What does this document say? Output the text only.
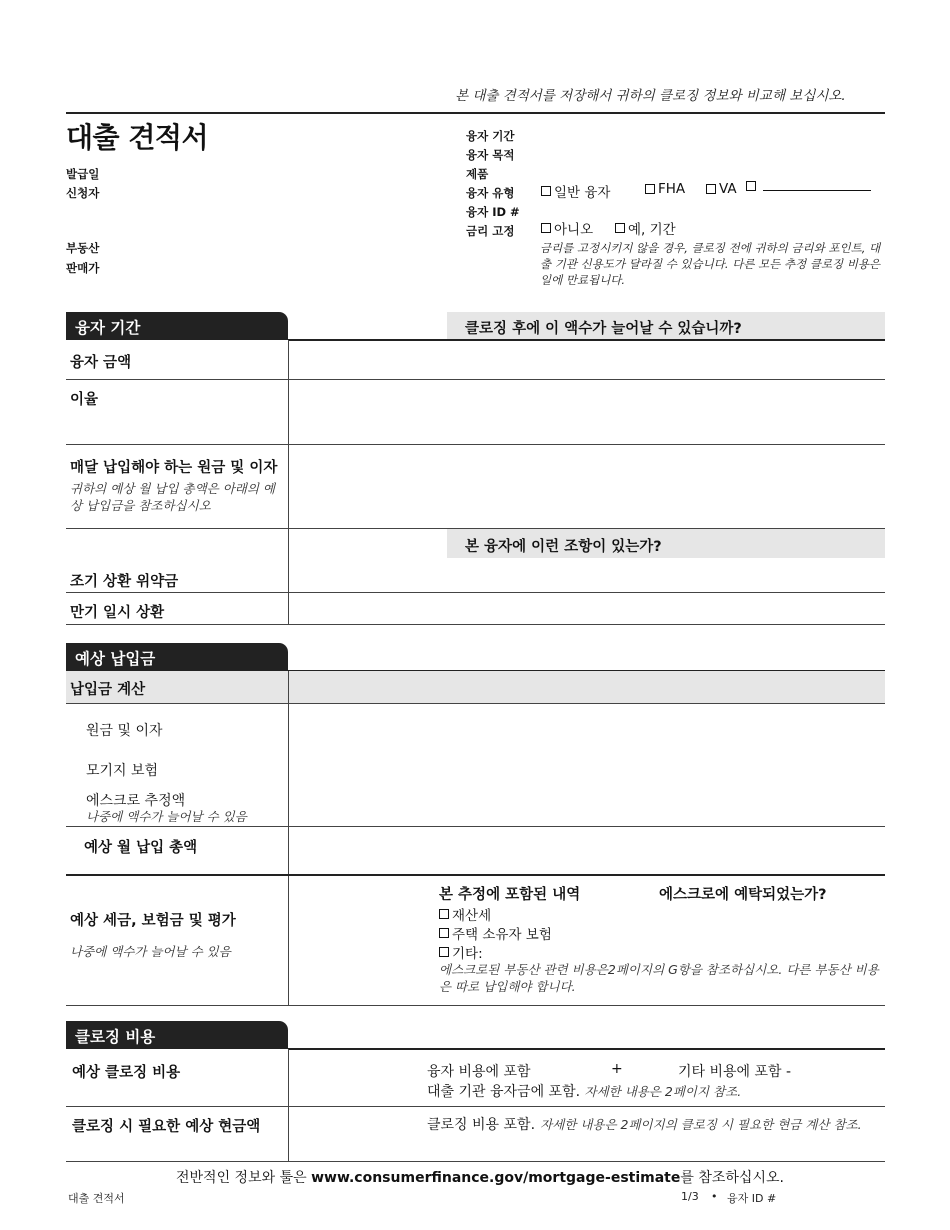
본 대출 견적서를 저장해서 귀하의 클로징 정보와 비교해 보십시오.
대출 견적서
발급일
신청자
부동산
판매가
융자 기간
융자 목적
제품
융자 유형
융자 ID #
금리 고정
일반 융자	FHA	VA
아니오	예, 기간
금리를 고정시키지 않을 경우, 클로징 전에 귀하의 금리와 포인트, 대출 기관 신용도가 달라질 수 있습니다. 다른 모든 추정 클로징 비용은 일에 만료됩니다.
융자 기간	클로징 후에 이 액수가 늘어날 수 있습니까?
융자 금액
이율
매달 납입해야 하는 원금 및 이자
귀하의 예상 월 납입 총액은 아래의 예상 납입금을 참조하십시오
본 융자에 이런 조항이 있는가?
조기 상환 위약금
만기 일시 상환
예상 납입금
납입금 계산
원금 및 이자
모기지 보험
에스크로 추정액
나중에 액수가 늘어날 수 있음
예상 월 납입 총액
예상 세금, 보험금 및 평가
나중에 액수가 늘어날 수 있음
본 추정에 포함된 내역	에스크로에 예탁되었는가?
재산세
주택 소유자 보험
기타:
에스크로된 부동산 관련 비용은2페이지의 G항을 참조하십시오. 다른 부동산 비용은 따로 납입해야 합니다.
클로징 비용
예상 클로징 비용	융자 비용에 포함	+	기타 비용에 포함 -
대출 기관 융자금에 포함. 자세한 내용은 2페이지 참조.
클로징 시 필요한 예상 현금액	클로징 비용 포함. 자세한 내용은 2페이지의 클로징 시 필요한 현금 계산 참조.
전반적인 정보와 툴은 www.consumerfinance.gov/mortgage-estimate를 참조하십시오.
대출 견적서	1/3 • 융자 ID #
